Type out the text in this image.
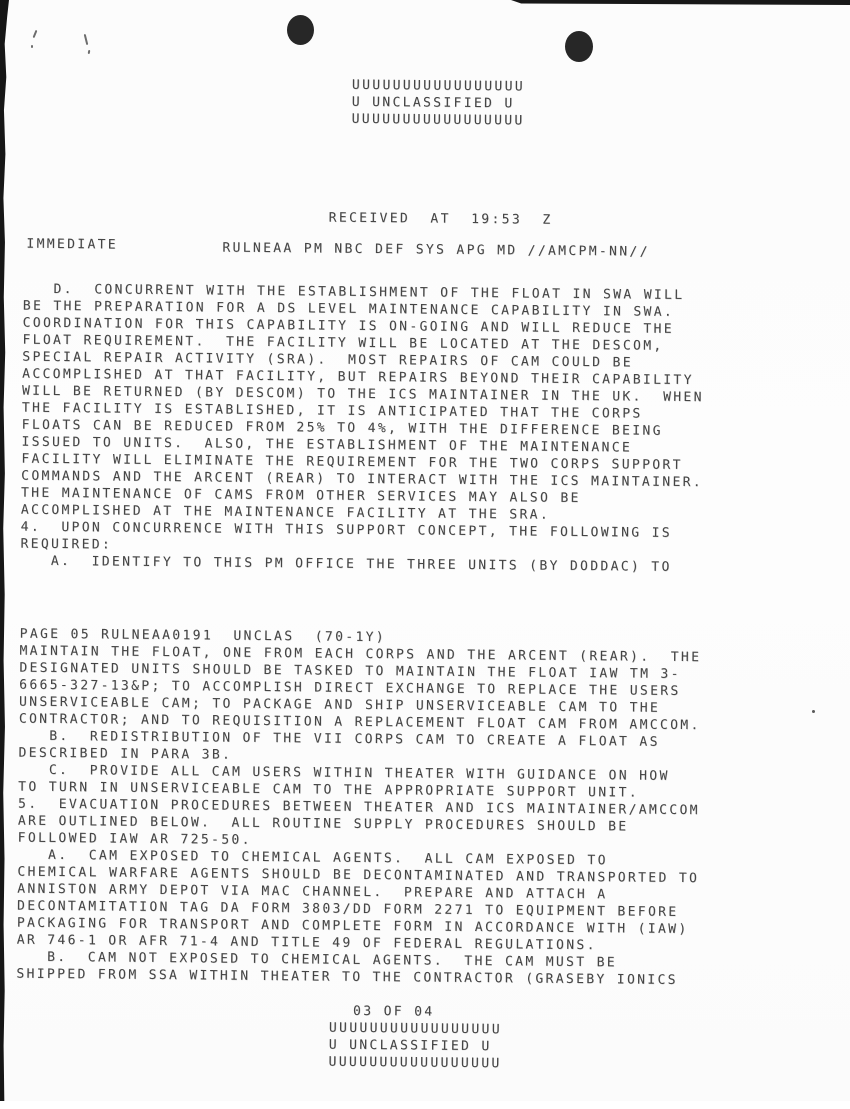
UUUUUUUUUUUUUUUUU
U UNCLASSIFIED U
UUUUUUUUUUUUUUUUU
RECEIVED  AT  19:53  Z
IMMEDIATE	RULNEAA PM NBC DEF SYS APG MD //AMCPM-NN//
D.  CONCURRENT WITH THE ESTABLISHMENT OF THE FLOAT IN SWA WILL
BE THE PREPARATION FOR A DS LEVEL MAINTENANCE CAPABILITY IN SWA.
COORDINATION FOR THIS CAPABILITY IS ON-GOING AND WILL REDUCE THE
FLOAT REQUIREMENT.  THE FACILITY WILL BE LOCATED AT THE DESCOM,
SPECIAL REPAIR ACTIVITY (SRA).  MOST REPAIRS OF CAM COULD BE
ACCOMPLISHED AT THAT FACILITY, BUT REPAIRS BEYOND THEIR CAPABILITY
WILL BE RETURNED (BY DESCOM) TO THE ICS MAINTAINER IN THE UK.  WHEN
THE FACILITY IS ESTABLISHED, IT IS ANTICIPATED THAT THE CORPS
FLOATS CAN BE REDUCED FROM 25% TO 4%, WITH THE DIFFERENCE BEING
ISSUED TO UNITS.  ALSO, THE ESTABLISHMENT OF THE MAINTENANCE
FACILITY WILL ELIMINATE THE REQUIREMENT FOR THE TWO CORPS SUPPORT
COMMANDS AND THE ARCENT (REAR) TO INTERACT WITH THE ICS MAINTAINER.
THE MAINTENANCE OF CAMS FROM OTHER SERVICES MAY ALSO BE
ACCOMPLISHED AT THE MAINTENANCE FACILITY AT THE SRA.
4.  UPON CONCURRENCE WITH THIS SUPPORT CONCEPT, THE FOLLOWING IS
REQUIRED:
A.  IDENTIFY TO THIS PM OFFICE THE THREE UNITS (BY DODDAC) TO
PAGE 05 RULNEAA0191  UNCLAS  (70-1Y)
MAINTAIN THE FLOAT, ONE FROM EACH CORPS AND THE ARCENT (REAR).  THE
DESIGNATED UNITS SHOULD BE TASKED TO MAINTAIN THE FLOAT IAW TM 3-
6665-327-13&P; TO ACCOMPLISH DIRECT EXCHANGE TO REPLACE THE USERS
UNSERVICEABLE CAM; TO PACKAGE AND SHIP UNSERVICEABLE CAM TO THE
CONTRACTOR; AND TO REQUISITION A REPLACEMENT FLOAT CAM FROM AMCCOM.
B.  REDISTRIBUTION OF THE VII CORPS CAM TO CREATE A FLOAT AS
DESCRIBED IN PARA 3B.
C.  PROVIDE ALL CAM USERS WITHIN THEATER WITH GUIDANCE ON HOW
TO TURN IN UNSERVICEABLE CAM TO THE APPROPRIATE SUPPORT UNIT.
5.  EVACUATION PROCEDURES BETWEEN THEATER AND ICS MAINTAINER/AMCCOM
ARE OUTLINED BELOW.  ALL ROUTINE SUPPLY PROCEDURES SHOULD BE
FOLLOWED IAW AR 725-50.
A.  CAM EXPOSED TO CHEMICAL AGENTS.  ALL CAM EXPOSED TO
CHEMICAL WARFARE AGENTS SHOULD BE DECONTAMINATED AND TRANSPORTED TO
ANNISTON ARMY DEPOT VIA MAC CHANNEL.  PREPARE AND ATTACH A
DECONTAMITATION TAG DA FORM 3803/DD FORM 2271 TO EQUIPMENT BEFORE
PACKAGING FOR TRANSPORT AND COMPLETE FORM IN ACCORDANCE WITH (IAW)
AR 746-1 OR AFR 71-4 AND TITLE 49 OF FEDERAL REGULATIONS.
B.  CAM NOT EXPOSED TO CHEMICAL AGENTS.  THE CAM MUST BE
SHIPPED FROM SSA WITHIN THEATER TO THE CONTRACTOR (GRASEBY IONICS
03 OF 04
UUUUUUUUUUUUUUUUU
U UNCLASSIFIED U
UUUUUUUUUUUUUUUUU
